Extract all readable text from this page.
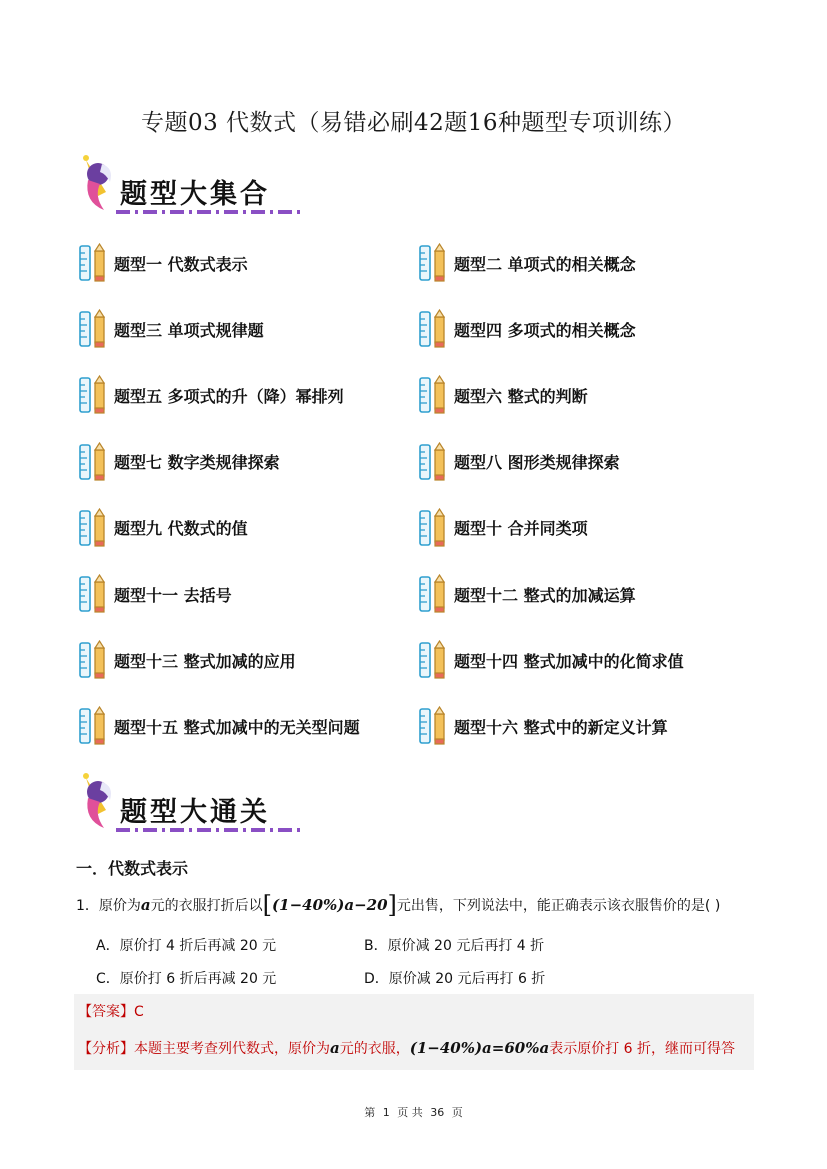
专题03 代数式（易错必刷42题16种题型专项训练）
题型大集合
题型一 代数式表示	题型二 单项式的相关概念
题型三 单项式规律题	题型四 多项式的相关概念
题型五 多项式的升（降）幂排列	题型六 整式的判断
题型七 数字类规律探索	题型八 图形类规律探索
题型九 代数式的值	题型十 合并同类项
题型十一 去括号	题型十二 整式的加减运算
题型十三 整式加减的应用	题型十四 整式加减中的化简求值
题型十五 整式加减中的无关型问题	题型十六 整式中的新定义计算
题型大通关
一．代数式表示
1．原价为a元的衣服打折后以[(1−40%)a−20]元出售，下列说法中，能正确表示该衣服售价的是( )
A．原价打 4 折后再减 20 元	B．原价减 20 元后再打 4 折
C．原价打 6 折后再减 20 元	D．原价减 20 元后再打 6 折
【答案】C
【分析】本题主要考查列代数式，原价为a元的衣服，(1−40%)a=60%a表示原价打 6 折，继而可得答
第 1 页 共 36 页
